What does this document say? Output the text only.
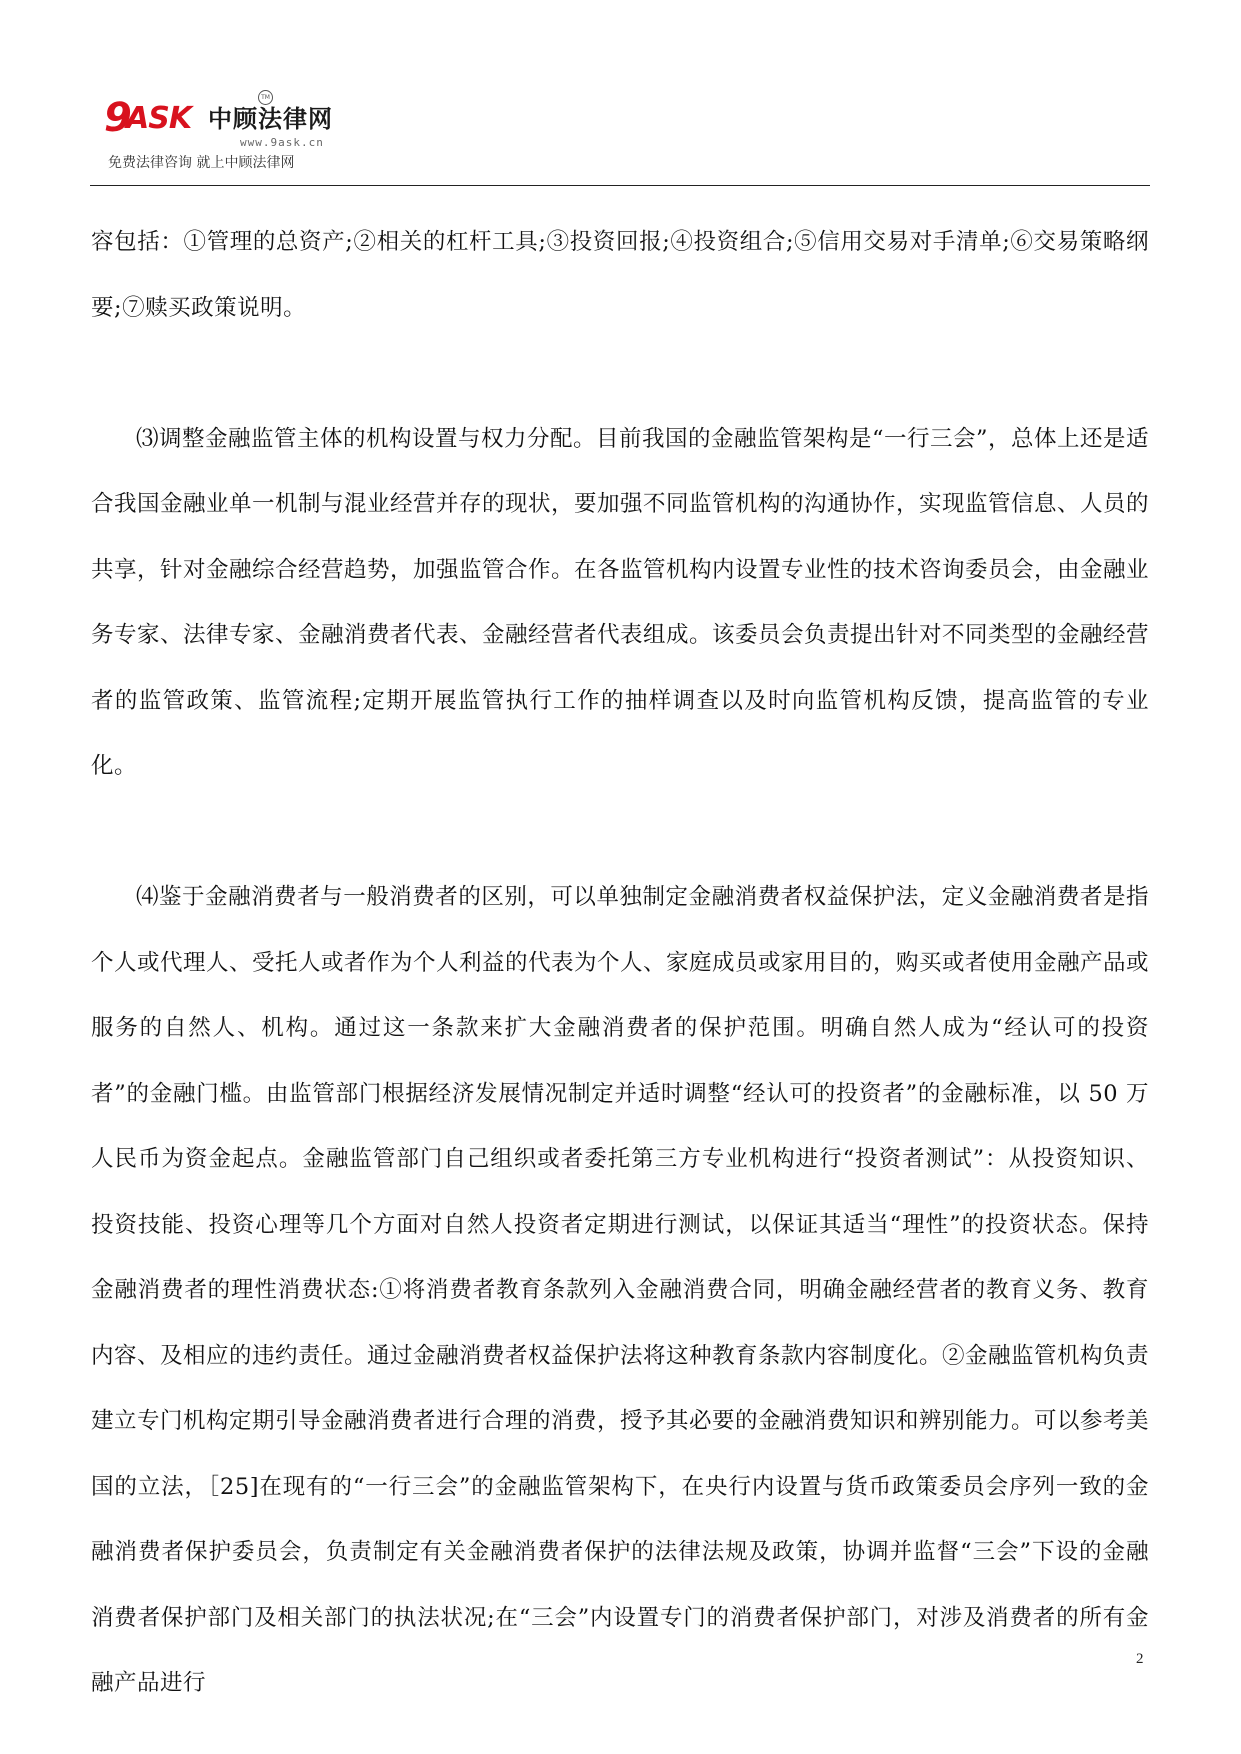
9
ASK 中顾法律网
TM
www.9ask.cn
免费法律咨询 就上中顾法律网

容包括：①管理的总资产;②相关的杠杆工具;③投资回报;④投资组合;⑤信用交易对手清单;⑥交易策略纲要;⑦赎买政策说明。

⑶调整金融监管主体的机构设置与权力分配。目前我国的金融监管架构是“一行三会”，总体上还是适合我国金融业单一机制与混业经营并存的现状，要加强不同监管机构的沟通协作，实现监管信息、人员的共享，针对金融综合经营趋势，加强监管合作。在各监管机构内设置专业性的技术咨询委员会，由金融业务专家、法律专家、金融消费者代表、金融经营者代表组成。该委员会负责提出针对不同类型的金融经营者的监管政策、监管流程;定期开展监管执行工作的抽样调查以及时向监管机构反馈，提高监管的专业化。

⑷鉴于金融消费者与一般消费者的区别，可以单独制定金融消费者权益保护法，定义金融消费者是指个人或代理人、受托人或者作为个人利益的代表为个人、家庭成员或家用目的，购买或者使用金融产品或服务的自然人、机构。通过这一条款来扩大金融消费者的保护范围。明确自然人成为“经认可的投资者”的金融门槛。由监管部门根据经济发展情况制定并适时调整“经认可的投资者”的金融标准，以 50 万人民币为资金起点。金融监管部门自己组织或者委托第三方专业机构进行“投资者测试”：从投资知识、投资技能、投资心理等几个方面对自然人投资者定期进行测试，以保证其适当“理性”的投资状态。保持金融消费者的理性消费状态:①将消费者教育条款列入金融消费合同，明确金融经营者的教育义务、教育内容、及相应的违约责任。通过金融消费者权益保护法将这种教育条款内容制度化。②金融监管机构负责建立专门机构定期引导金融消费者进行合理的消费，授予其必要的金融消费知识和辨别能力。可以参考美国的立法，［25]在现有的“一行三会”的金融监管架构下，在央行内设置与货币政策委员会序列一致的金融消费者保护委员会，负责制定有关金融消费者保护的法律法规及政策，协调并监督“三会”下设的金融消费者保护部门及相关部门的执法状况;在“三会”内设置专门的消费者保护部门，对涉及消费者的所有金融产品进行

2
